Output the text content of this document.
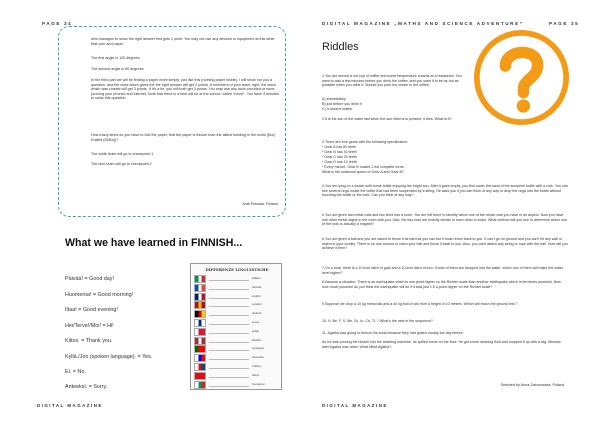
PAGE 34	DIGITAL MAGAZINE „MATHS AND SCIENCE ADVENTURE”	PAGE 35
who manages to show the right answer first gets 1 point. You may not use any devices or equipment at this other than pen and paper.
The first angle is 120 degrees.
The second angle is 60 degrees.
In the third part we will be finding a paper more simply: just like this (nothing paper inside). I will show not you a question, and the ones which gives me the right answer will get 2 points. If members of your team, right, the team which was closest will get 3 points. If it's a tie, you will both get 3 points. You may use any tools provided or none. (scoring your phones and internet. Note that there is a time will be at the school, called “never”. You have 3 minutes to solve this question.
How many times do you have to fold the paper, that the paper is thicker than the tallest building in the world (Burj Khalifa (828m))?
The white team will go to checkpoint 1
The blue team will go to checkpoint 2
Antti Pekkala, Finland
What we have learned in FINNISH...
Päivää! = Good day!
Huomenta! = Good morning!
Iltaa! = Good evening!
Hei/Terve!/Moi! = Hi!
Kiitos. = Thank you.
Kyllä./Joo (spoken language). = Yes.
Ei. = No.
Anteeksi. = Sorry.
DIFFERENZE LINGUISTICHE
italiano
francais
english
español
deutsch
suomi
polski
latviešu
português
slovensko
čeština
türkçe
български
Riddles
1.You are served a hot cup of coffee and some tempertaure creams at a restaurant. You want to wait a few minutes before you drink the coffee, and you want it to be as hot as possible when you drink it. Should you pour the cream in the coffee:
A) immediately
B) just before you drink it
C) It doesn't matter
2.If is the sun of the water last when the sun returns to present, it dies. What is it?
3.There are four gears with the following specification:
* Gear A has 60 teeth
* Gear B has 40 teeth
* Gear C has 20 teeth
* Gear D has 10 teeth
* Every minute, Gear B makes 1 full complete turns.
What is the rotational speed of Gear A and Gear B?
4.You are lying on a beach with some bottle enjoying the bright sun. After it goes empty, you find under the sand of the sunshine bottle with a cork. You can see several rings inside the bottle that has been suspended by a string. He asks you if you can think of any way to drop the rings into the bottle without touching the bottle or the cork. Can you think of any way?
5.You are given two metal rods and two lines into a room. You are left there to identify which one of the metal rods you have in an aspect. Now you have one other metal object in the room with you. Also, the two rods are exactly similar to each other in looks. What method will you use to determine which one of the rods is actually a magnet?
6.You are given a ball and you are asked to throw it as hard as you can but it must return back to you. It can't go on ground and you can't hit any wall or object in your vicinity. There is no one around to catch your ball and throw it back to you. Also, you can't attach any string or rope with the ball. How will you achieve it then?
7.On a boat, there is a 10 inch latch of gold and a 10 inch latch of iron. If both of them are dropped into the water, which one of them will make the water level higher?
8.Assume a situation: There is an earthquake which is one point higher on the Richter scale than another earthquake which is ten times powerful. Now how much powerful do you think the earthquake will be if it was just 1.5 a point higher on the Richter scale?
9.Suppose we drop a 10 kg metal ball and a 40 kg ball of silk from a height of 10 meters. Which will reach the ground first ?
10. H, Be, F, S, Mn, Sc, In, Cd, Tl, ? What's the next in the sequence?
11. Agatha was going to brunch his soda because they had gotten muddy the day before.
As he was pouring the bleach into the washing machine, he spilled some on the floor. He got some cleaning fluid and mopped it up with a rag. Minutes later Agatha was dead. What killed Agatha?
Selected by Anna Zaborowska, Poland
DIGITAL MAGAZINE	DIGITAL MAGAZINE
